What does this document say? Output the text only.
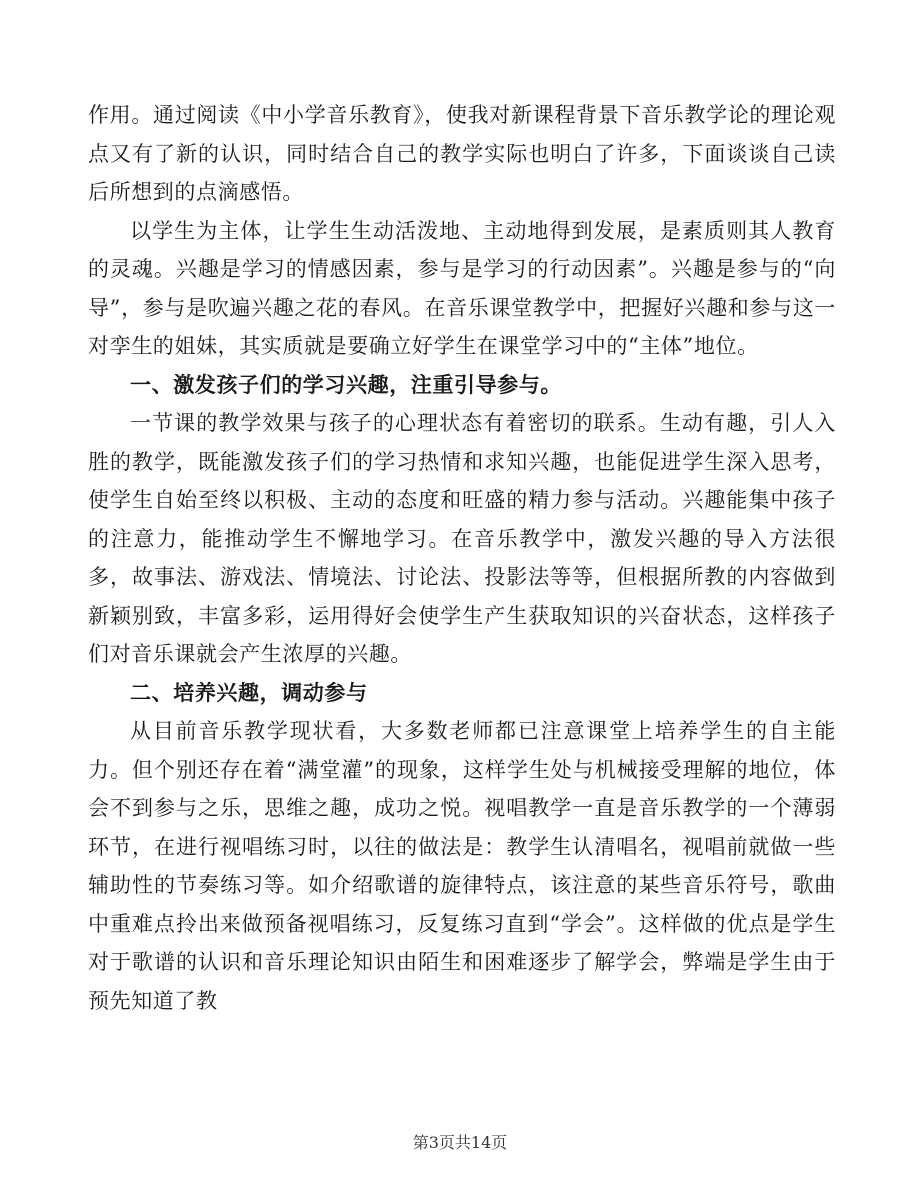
作用。通过阅读《中小学音乐教育》，使我对新课程背景下音乐教学论的理论观点又有了新的认识，同时结合自己的教学实际也明白了许多，下面谈谈自己读后所想到的点滴感悟。

以学生为主体，让学生生动活泼地、主动地得到发展，是素质则其人教育的灵魂。兴趣是学习的情感因素，参与是学习的行动因素”。兴趣是参与的“向导”，参与是吹遍兴趣之花的春风。在音乐课堂教学中，把握好兴趣和参与这一对孪生的姐妹，其实质就是要确立好学生在课堂学习中的“主体”地位。

一、激发孩子们的学习兴趣，注重引导参与。

一节课的教学效果与孩子的心理状态有着密切的联系。生动有趣，引人入胜的教学，既能激发孩子们的学习热情和求知兴趣，也能促进学生深入思考，使学生自始至终以积极、主动的态度和旺盛的精力参与活动。兴趣能集中孩子的注意力，能推动学生不懈地学习。在音乐教学中，激发兴趣的导入方法很多，故事法、游戏法、情境法、讨论法、投影法等等，但根据所教的内容做到新颖别致，丰富多彩，运用得好会使学生产生获取知识的兴奋状态，这样孩子们对音乐课就会产生浓厚的兴趣。

二、培养兴趣，调动参与

从目前音乐教学现状看，大多数老师都已注意课堂上培养学生的自主能力。但个别还存在着“满堂灌”的现象，这样学生处与机械接受理解的地位，体会不到参与之乐，思维之趣，成功之悦。视唱教学一直是音乐教学的一个薄弱环节，在进行视唱练习时，以往的做法是：教学生认清唱名，视唱前就做一些辅助性的节奏练习等。如介绍歌谱的旋律特点，该注意的某些音乐符号，歌曲中重难点拎出来做预备视唱练习，反复练习直到“学会”。这样做的优点是学生对于歌谱的认识和音乐理论知识由陌生和困难逐步了解学会，弊端是学生由于预先知道了教

第3页共14页
